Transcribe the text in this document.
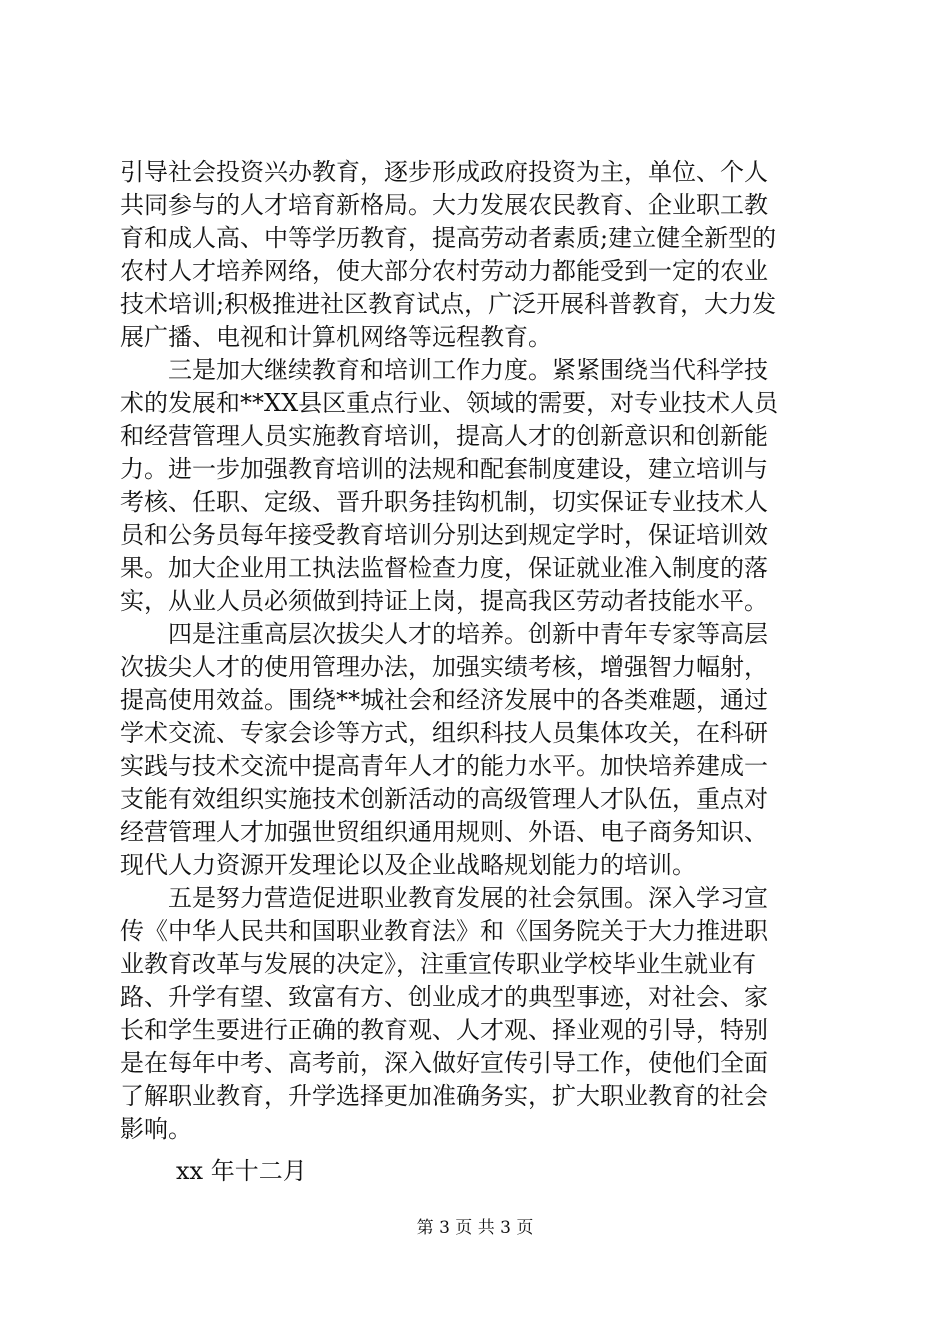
引导社会投资兴办教育，逐步形成政府投资为主，单位、个人
共同参与的人才培育新格局。大力发展农民教育、企业职工教
育和成人高、中等学历教育，提高劳动者素质;建立健全新型的
农村人才培养网络，使大部分农村劳动力都能受到一定的农业
技术培训;积极推进社区教育试点，广泛开展科普教育，大力发
展广播、电视和计算机网络等远程教育。
　　三是加大继续教育和培训工作力度。紧紧围绕当代科学技
术的发展和**XX县区重点行业、领域的需要，对专业技术人员
和经营管理人员实施教育培训，提高人才的创新意识和创新能
力。进一步加强教育培训的法规和配套制度建设，建立培训与
考核、任职、定级、晋升职务挂钩机制，切实保证专业技术人
员和公务员每年接受教育培训分别达到规定学时，保证培训效
果。加大企业用工执法监督检查力度，保证就业准入制度的落
实，从业人员必须做到持证上岗，提高我区劳动者技能水平。
　　四是注重高层次拔尖人才的培养。创新中青年专家等高层
次拔尖人才的使用管理办法，加强实绩考核，增强智力幅射，
提高使用效益。围绕**城社会和经济发展中的各类难题，通过
学术交流、专家会诊等方式，组织科技人员集体攻关，在科研
实践与技术交流中提高青年人才的能力水平。加快培养建成一
支能有效组织实施技术创新活动的高级管理人才队伍，重点对
经营管理人才加强世贸组织通用规则、外语、电子商务知识、
现代人力资源开发理论以及企业战略规划能力的培训。
　　五是努力营造促进职业教育发展的社会氛围。深入学习宣
传《中华人民共和国职业教育法》和《国务院关于大力推进职
业教育改革与发展的决定》，注重宣传职业学校毕业生就业有
路、升学有望、致富有方、创业成才的典型事迹，对社会、家
长和学生要进行正确的教育观、人才观、择业观的引导，特别
是在每年中考、高考前，深入做好宣传引导工作，使他们全面
了解职业教育，升学选择更加准确务实，扩大职业教育的社会
影响。
xx 年十二月
第 3 页 共 3 页
